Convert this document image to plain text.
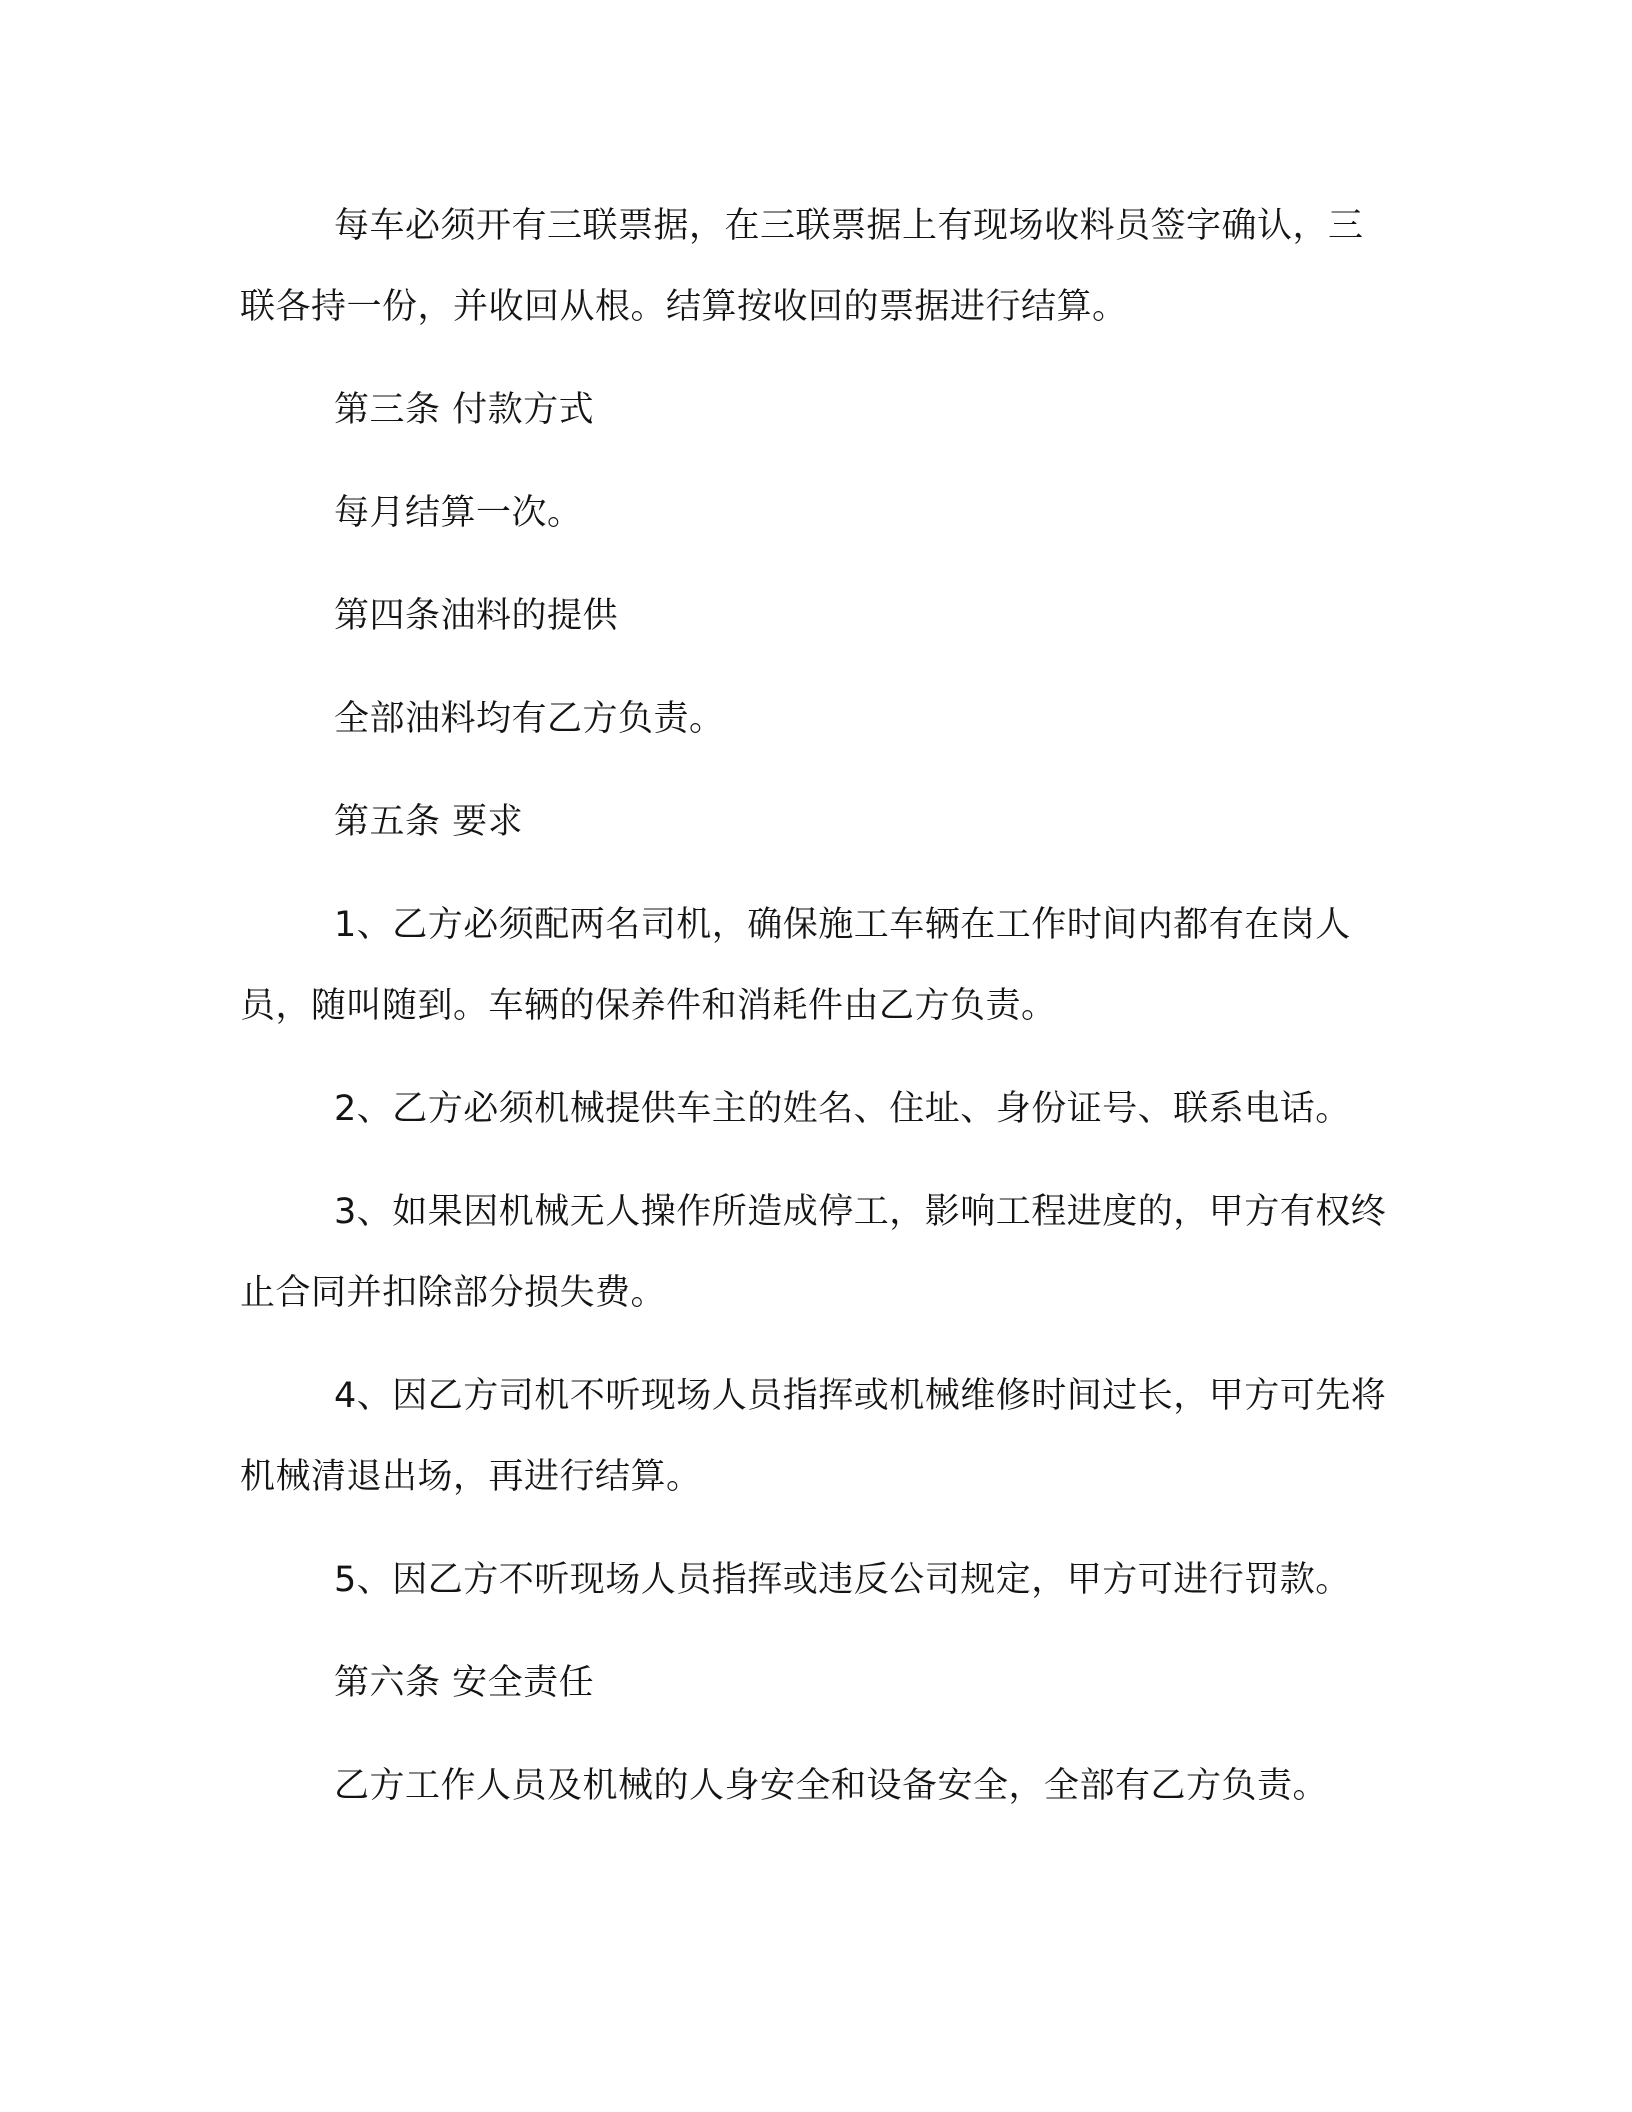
每车必须开有三联票据，在三联票据上有现场收料员签字确认，三联各持一份，并收回从根。结算按收回的票据进行结算。

第三条 付款方式

每月结算一次。

第四条油料的提供

全部油料均有乙方负责。

第五条 要求

1、乙方必须配两名司机，确保施工车辆在工作时间内都有在岗人员，随叫随到。车辆的保养件和消耗件由乙方负责。

2、乙方必须机械提供车主的姓名、住址、身份证号、联系电话。

3、如果因机械无人操作所造成停工，影响工程进度的，甲方有权终止合同并扣除部分损失费。

4、因乙方司机不听现场人员指挥或机械维修时间过长，甲方可先将机械清退出场，再进行结算。

5、因乙方不听现场人员指挥或违反公司规定，甲方可进行罚款。

第六条 安全责任

乙方工作人员及机械的人身安全和设备安全，全部有乙方负责。
